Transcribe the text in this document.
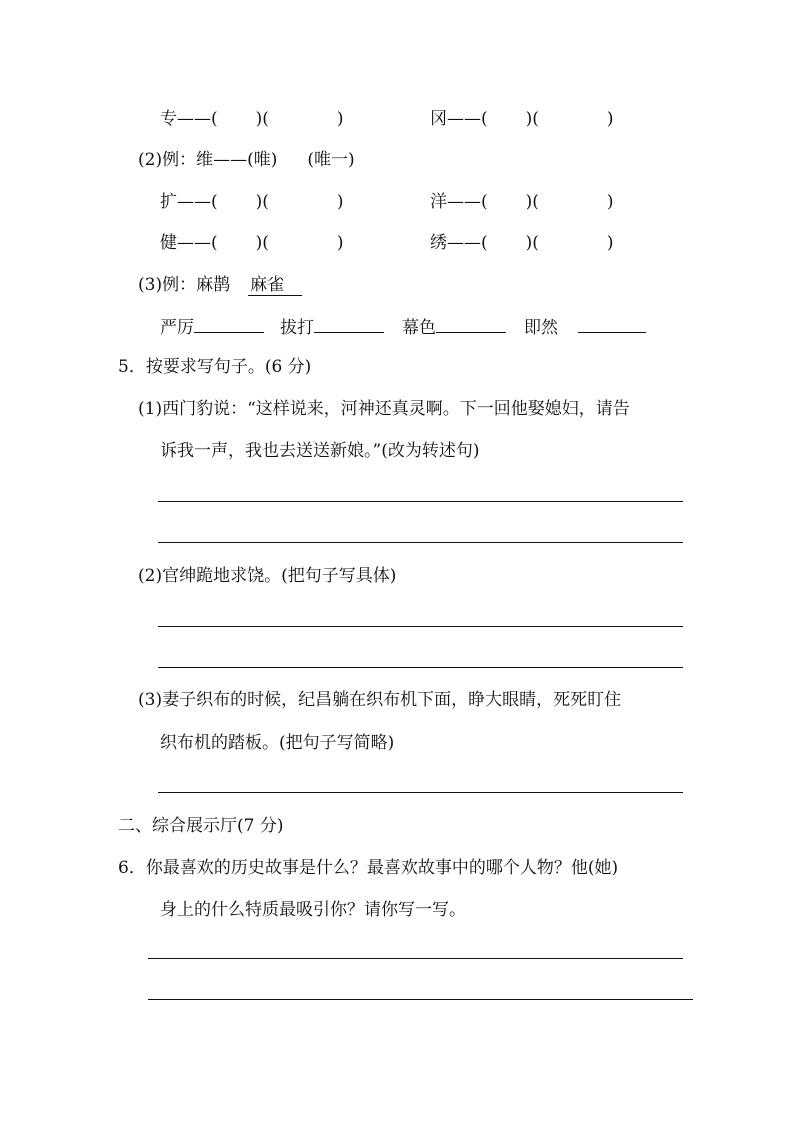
专——( )(	)	冈——( )(	)
(2)例：维——(唯) (唯一)
扩——( )(	)	洋——( )(	)
健——( )(	)	绣——( )(	)
(3)例：麻鹊 麻雀
严厉	拔打	幕色	即然
5．按要求写句子。(6 分)
(1)西门豹说：“这样说来，河神还真灵啊。下一回他娶媳妇，请告
诉我一声，我也去送送新娘。”(改为转述句)
(2)官绅跪地求饶。(把句子写具体)
(3)妻子织布的时候，纪昌躺在织布机下面，睁大眼睛，死死盯住
织布机的踏板。(把句子写简略)
二、综合展示厅(7 分)
6．你最喜欢的历史故事是什么？最喜欢故事中的哪个人物？他(她)
身上的什么特质最吸引你？请你写一写。
